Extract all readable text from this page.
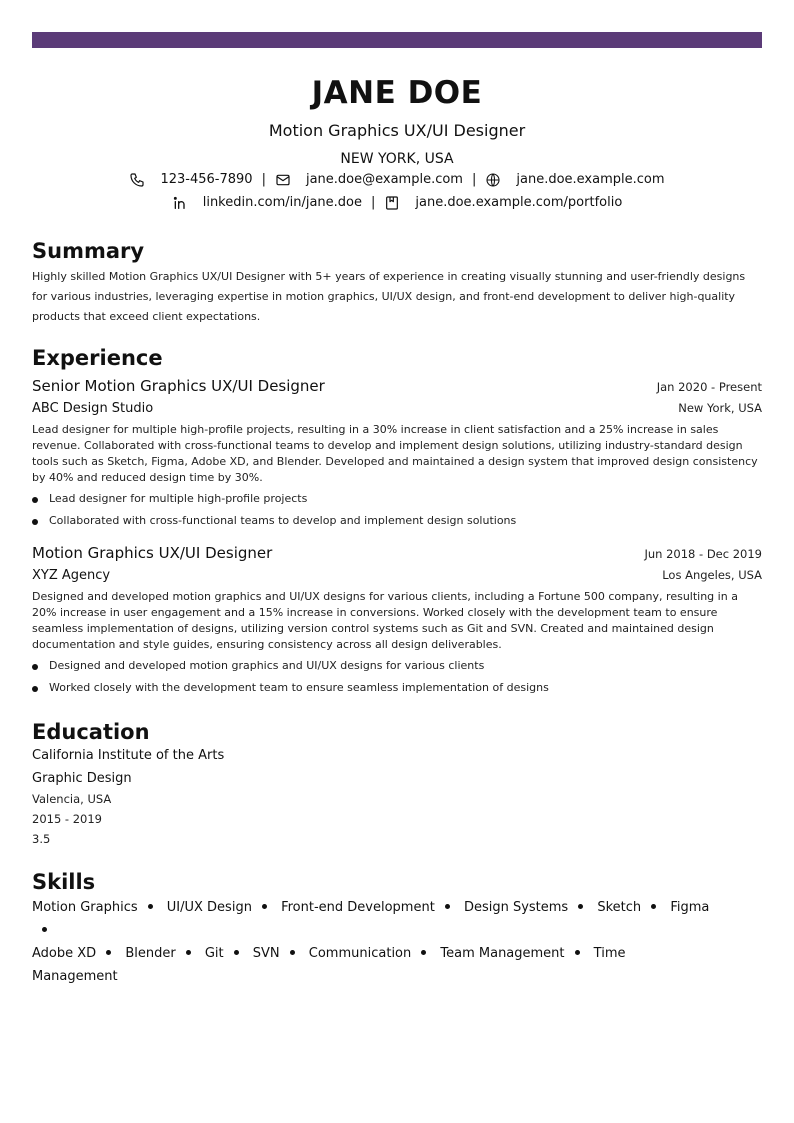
JANE DOE
Motion Graphics UX/UI Designer
NEW YORK, USA
123-456-7890 |	jane.doe@example.com |	jane.doe.example.com
linkedin.com/in/jane.doe |	jane.doe.example.com/portfolio
Summary
Highly skilled Motion Graphics UX/UI Designer with 5+ years of experience in creating visually stunning and user-friendly designs for various industries, leveraging expertise in motion graphics, UI/UX design, and front-end development to deliver high-quality products that exceed client expectations.
Experience
Senior Motion Graphics UX/UI Designer	Jan 2020 - Present
ABC Design Studio	New York, USA
Lead designer for multiple high-profile projects, resulting in a 30% increase in client satisfaction and a 25% increase in sales revenue. Collaborated with cross-functional teams to develop and implement design solutions, utilizing industry-standard design tools such as Sketch, Figma, Adobe XD, and Blender. Developed and maintained a design system that improved design consistency by 40% and reduced design time by 30%.
Lead designer for multiple high-profile projects
Collaborated with cross-functional teams to develop and implement design solutions
Motion Graphics UX/UI Designer	Jun 2018 - Dec 2019
XYZ Agency	Los Angeles, USA
Designed and developed motion graphics and UI/UX designs for various clients, including a Fortune 500 company, resulting in a 20% increase in user engagement and a 15% increase in conversions. Worked closely with the development team to ensure seamless implementation of designs, utilizing version control systems such as Git and SVN. Created and maintained design documentation and style guides, ensuring consistency across all design deliverables.
Designed and developed motion graphics and UI/UX designs for various clients
Worked closely with the development team to ensure seamless implementation of designs
Education
California Institute of the Arts
Graphic Design
Valencia, USA
2015 - 2019
3.5
Skills
Motion Graphics UI/UX Design Front-end Development Design Systems Sketch Figma
Adobe XD Blender Git SVN Communication Team Management Time Management
